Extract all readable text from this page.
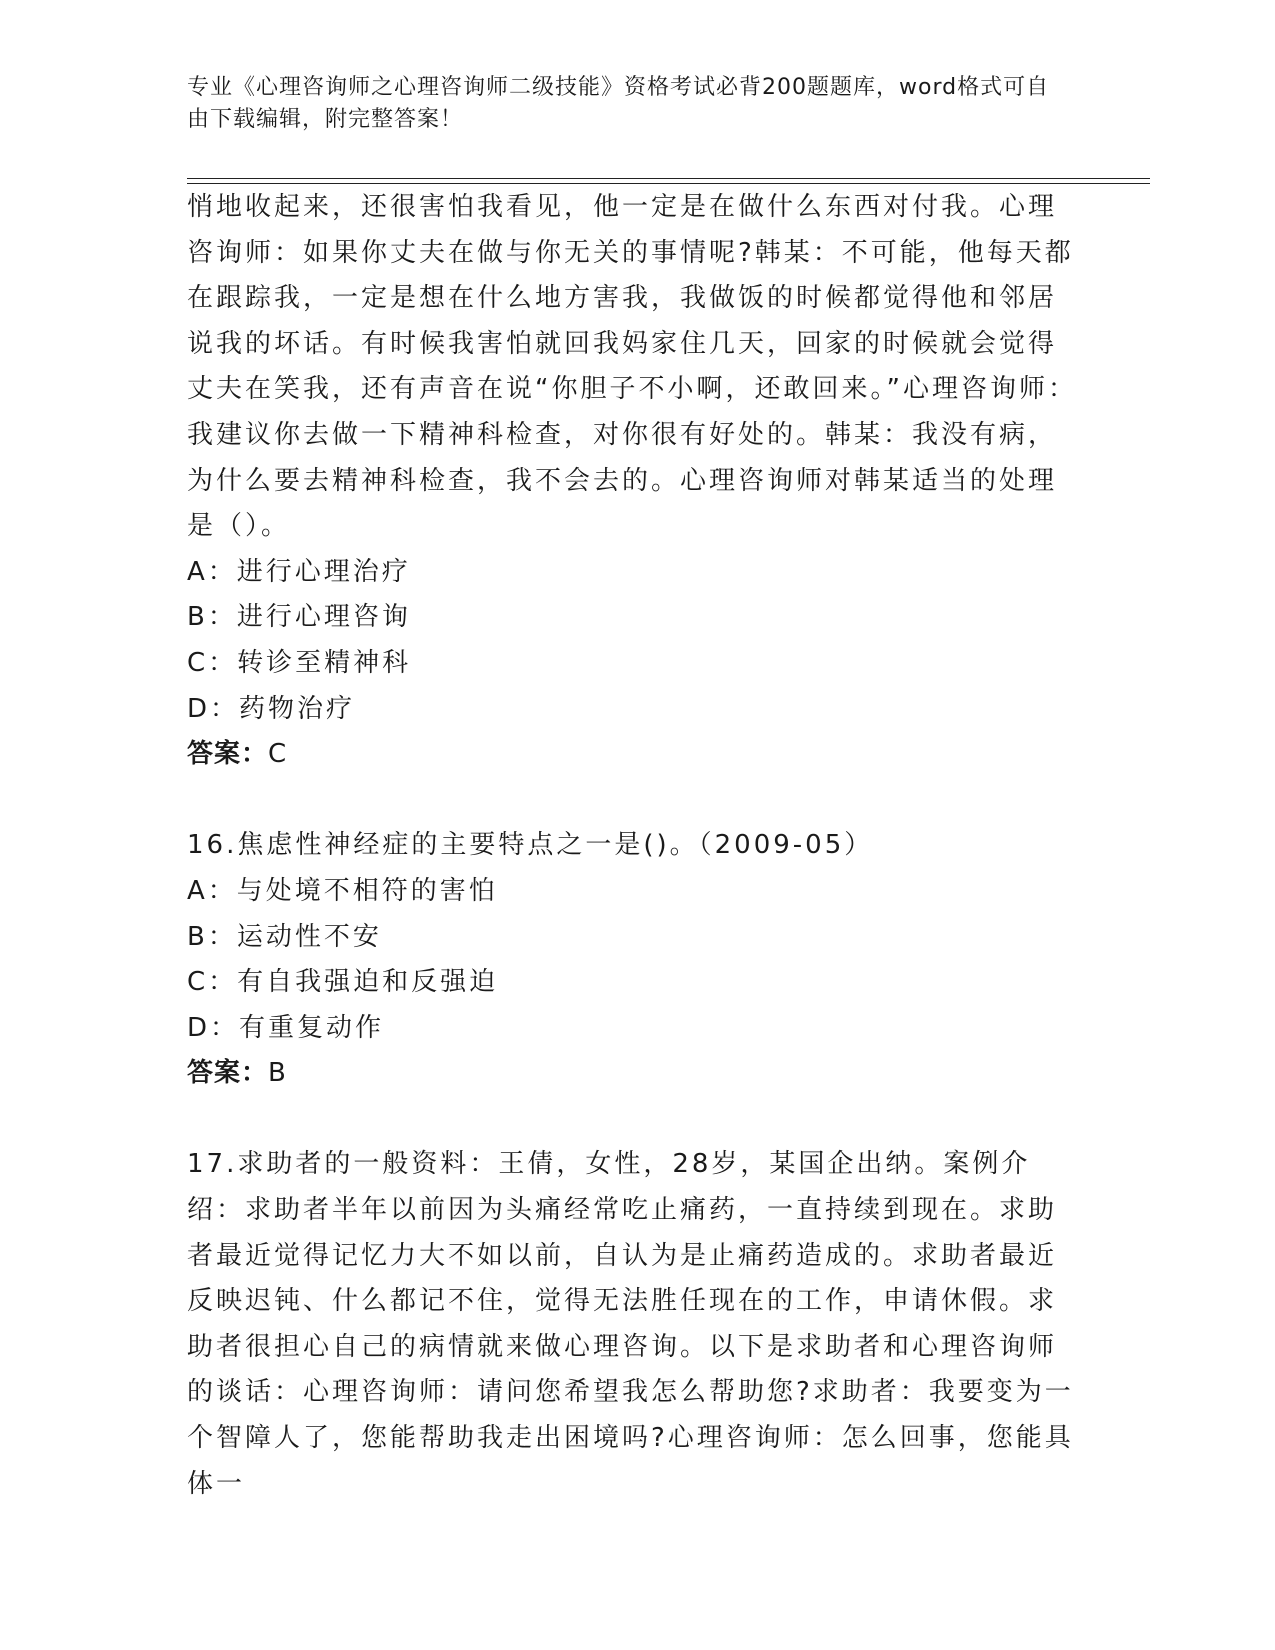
专业《心理咨询师之心理咨询师二级技能》资格考试必背200题题库，word格式可自由下载编辑，附完整答案！

悄地收起来，还很害怕我看见，他一定是在做什么东西对付我。心理咨询师：如果你丈夫在做与你无关的事情呢?韩某：不可能，他每天都在跟踪我，一定是想在什么地方害我，我做饭的时候都觉得他和邻居说我的坏话。有时候我害怕就回我妈家住几天，回家的时候就会觉得丈夫在笑我，还有声音在说“你胆子不小啊，还敢回来。”心理咨询师：我建议你去做一下精神科检查，对你很有好处的。韩某：我没有病，为什么要去精神科检查，我不会去的。心理咨询师对韩某适当的处理是（）。

A：进行心理治疗
B：进行心理咨询
C：转诊至精神科
D：药物治疗
答案：C

16.焦虑性神经症的主要特点之一是()。（2009-05）

A：与处境不相符的害怕
B：运动性不安
C：有自我强迫和反强迫
D：有重复动作
答案：B

17.求助者的一般资料：王倩，女性，28岁，某国企出纳。案例介绍：求助者半年以前因为头痛经常吃止痛药，一直持续到现在。求助者最近觉得记忆力大不如以前，自认为是止痛药造成的。求助者最近反映迟钝、什么都记不住，觉得无法胜任现在的工作，申请休假。求助者很担心自己的病情就来做心理咨询。以下是求助者和心理咨询师的谈话：心理咨询师：请问您希望我怎么帮助您?求助者：我要变为一个智障人了，您能帮助我走出困境吗?心理咨询师：怎么回事，您能具体一
